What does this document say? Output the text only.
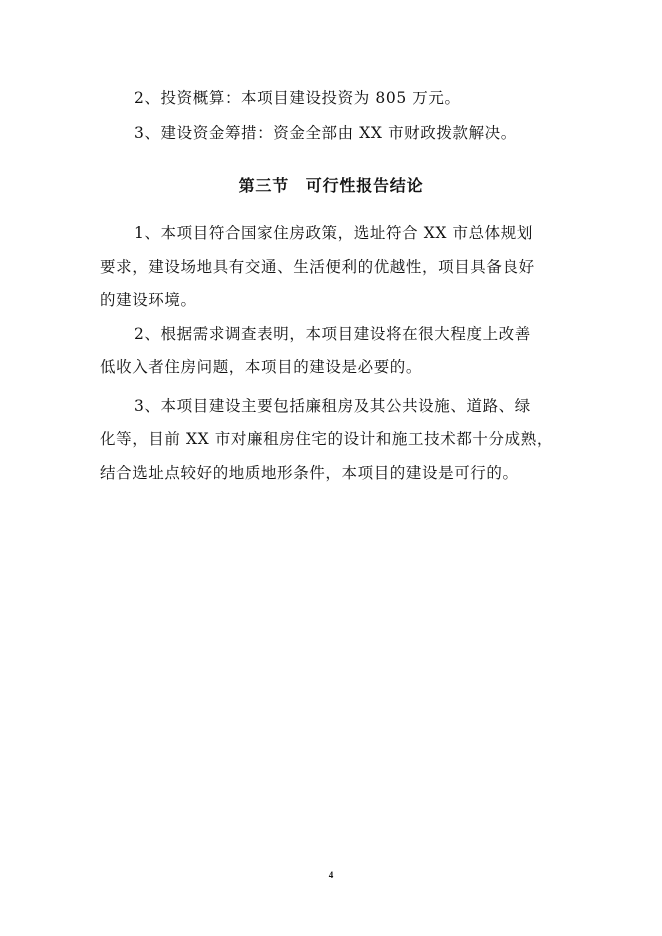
2、投资概算：本项目建设投资为 805 万元。

3、建设资金筹措：资金全部由 XX 市财政拨款解决。

第三节　可行性报告结论

1、本项目符合国家住房政策，选址符合 XX 市总体规划

要求，建设场地具有交通、生活便利的优越性，项目具备良好

的建设环境。

2、根据需求调查表明，本项目建设将在很大程度上改善

低收入者住房问题，本项目的建设是必要的。

3、本项目建设主要包括廉租房及其公共设施、道路、绿

化等，目前 XX 市对廉租房住宅的设计和施工技术都十分成熟，

结合选址点较好的地质地形条件，本项目的建设是可行的。

4
